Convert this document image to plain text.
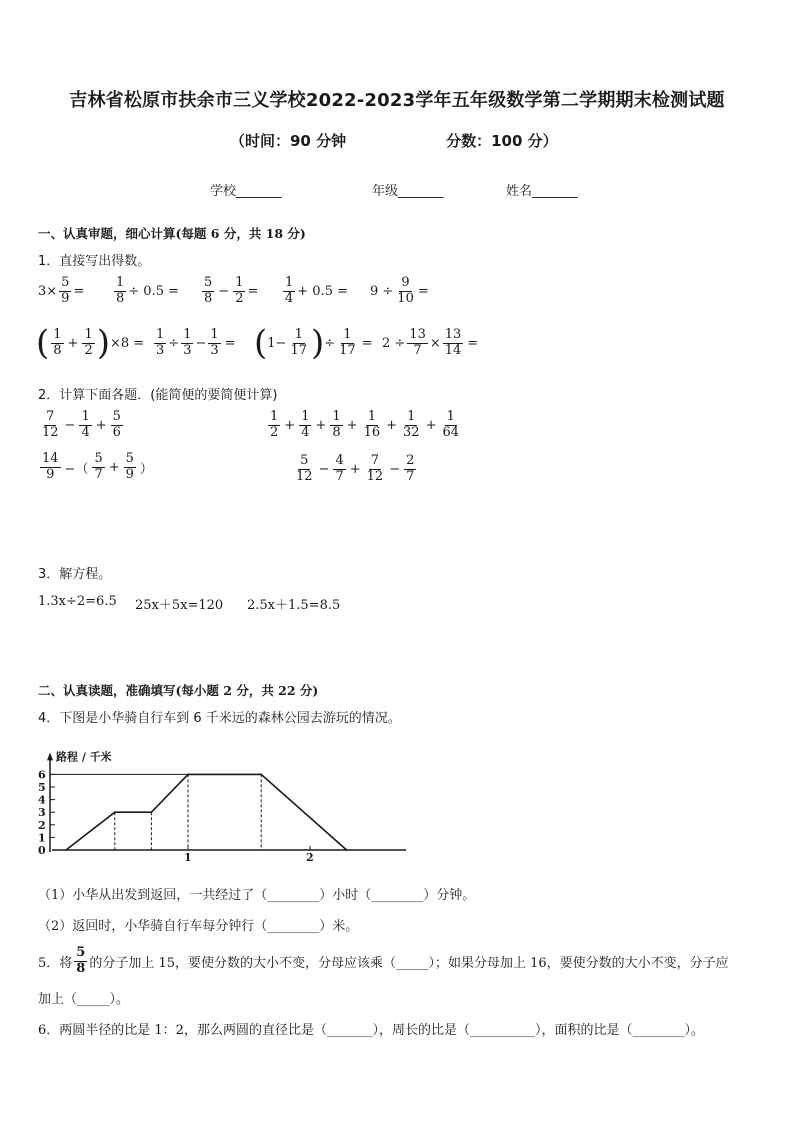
吉林省松原市扶余市三义学校2022-2023学年五年级数学第二学期期末检测试题
（时间：90 分钟	分数：100 分）
学校_______	年级_______	姓名_______
一、认真审题，细心计算(每题 6 分，共 18 分)
1．直接写出得数。
$3\times \frac{5}{9} = \frac{1}{8} \div 0.5 = \frac{5}{8} - \frac{1}{2} = \frac{1}{4} + 0.5 = 9 \div \frac{9}{10}$ =
( $\frac{1}{8} + \frac{1}{2}$ ) $\times 8 = \frac{1}{3} \div \frac{1}{3} - \frac{1}{3}$ = ( $1- \frac{1}{17}$ ) ÷ $\frac{1}{17} = 2 \div \frac{13}{7} \times \frac{13}{14}$ =
2．计算下面各题．(能简便的要简便计算)
$\frac{7}{12} - \frac{1}{4} + \frac{5}{6}$	$\frac{1}{2} + \frac{1}{4} + \frac{1}{8} + \frac{1}{16} + \frac{1}{32} + \frac{1}{64}$
$\frac{14}{9}$ −（ $\frac{5}{7} + \frac{5}{9}$ ）	$\frac{5}{12} - \frac{4}{7} + \frac{7}{12} - \frac{2}{7}$
3．解方程。
1.3x÷2=6.5 25x＋5x=120 2.5x＋1.5=8.5
二、认真读题，准确填写(每小题 2 分，共 22 分)
4．下图是小华骑自行车到 6 千米远的森林公园去游玩的情况。
0
1
2
3
4
5
6
1	2
路程 / 千米
（1）小华从出发到返回，一共经过了（________）小时（________）分钟。
（2）返回时，小华骑自行车每分钟行（________）米。
5．将 $\frac{5}{8}$ 的分子加上 15，要使分数的大小不变，分母应该乘（_____）；如果分母加上 16，要使分数的大小不变，分子应
加上（_____）。
6．两圆半径的比是 1：2，那么两圆的直径比是（_______），周长的比是（__________），面积的比是（________）。
